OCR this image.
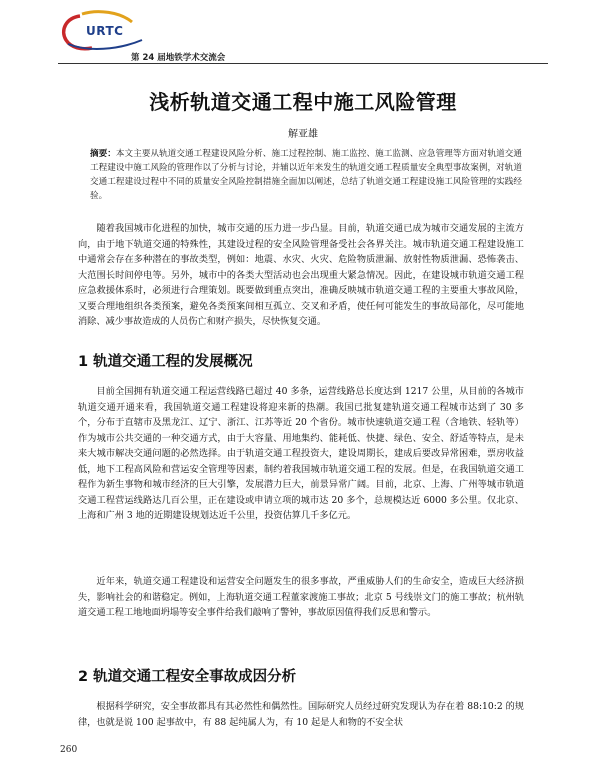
URTC
第 24 届地铁学术交流会
浅析轨道交通工程中施工风险管理
解亚雄
摘要：本文主要从轨道交通工程建设风险分析、施工过程控制、施工监控、施工监测、应急管理等方面对轨道交通工程建设中施工风险的管理作以了分析与讨论，并辅以近年来发生的轨道交通工程质量安全典型事故案例，对轨道交通工程建设过程中不同的质量安全风险控制措施全面加以阐述，总结了轨道交通工程建设施工风险管理的实践经验。

随着我国城市化进程的加快，城市交通的压力进一步凸显。目前，轨道交通已成为城市交通发展的主流方向，由于地下轨道交通的特殊性，其建设过程的安全风险管理备受社会各界关注。城市轨道交通工程建设施工中通常会存在多种潜在的事故类型，例如：地震、水灾、火灾、危险物质泄漏、放射性物质泄漏、恐怖袭击、大范围长时间停电等。另外，城市中的各类大型活动也会出现重大紧急情况。因此，在建设城市轨道交通工程应急救援体系时，必须进行合理策划。既要做到重点突出，准确反映城市轨道交通工程的主要重大事故风险，又要合理地组织各类预案，避免各类预案间相互孤立、交叉和矛盾，使任何可能发生的事故局部化，尽可能地消除、减少事故造成的人员伤亡和财产损失，尽快恢复交通。

1 轨道交通工程的发展概况

目前全国拥有轨道交通工程运营线路已超过 40 多条，运营线路总长度达到 1217 公里，从目前的各城市轨道交通开通来看，我国轨道交通工程建设将迎来新的热潮。我国已批复建轨道交通工程城市达到了 30 多个，分布于直辖市及黑龙江、辽宁、浙江、江苏等近 20 个省份。城市快速轨道交通工程（含地铁、轻轨等）作为城市公共交通的一种交通方式，由于大容量、用地集约、能耗低、快捷、绿色、安全、舒适等特点，是未来大城市解决交通问题的必然选择。由于轨道交通工程投资大，建设周期长，建成后要改异常困难，票房收益低，地下工程高风险和营运安全管理等因素，制约着我国城市轨道交通工程的发展。但是，在我国轨道交通工程作为新生事物和城市经济的巨大引擎，发展潜力巨大，前景异常广阔。目前，北京、上海、广州等城市轨道交通工程营运线路达几百公里，正在建设或申请立项的城市达 20 多个，总规模达近 6000 多公里。仅北京、上海和广州 3 地的近期建设规划达近千公里，投资估算几千多亿元。

近年来，轨道交通工程建设和运营安全问题发生的很多事故，严重威胁人们的生命安全，造成巨大经济损失，影响社会的和谐稳定。例如，上海轨道交通工程董家渡施工事故；北京 5 号线崇文门的施工事故；杭州轨道交通工程工地地面坍塌等安全事件给我们敲响了警钟，事故原因值得我们反思和警示。

2 轨道交通工程安全事故成因分析

根据科学研究，安全事故都具有其必然性和偶然性。国际研究人员经过研究发现认为存在着 88:10:2 的规律，也就是说 100 起事故中，有 88 起纯属人为，有 10 起是人和物的不安全状

260
